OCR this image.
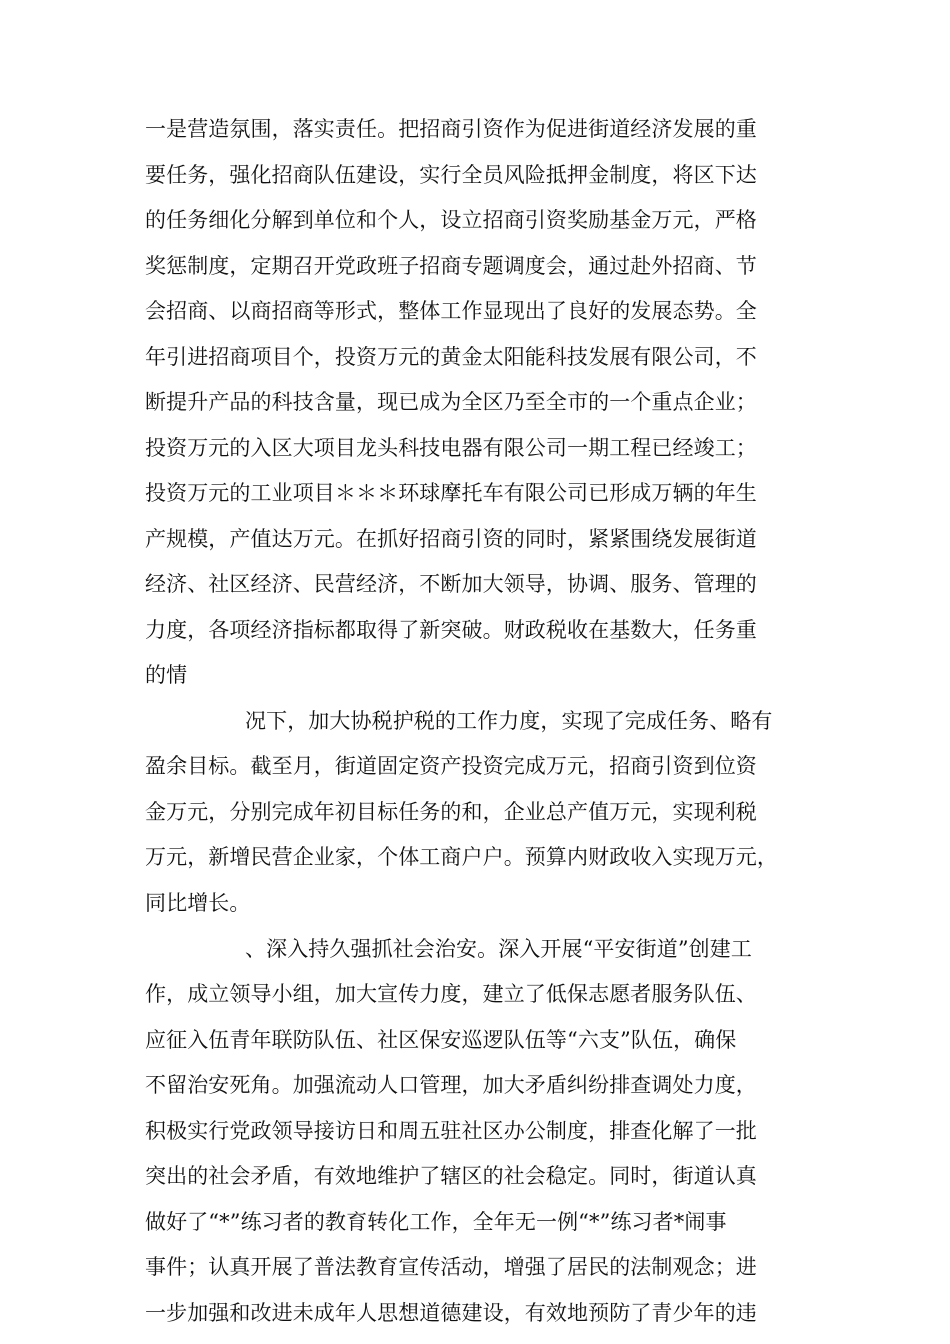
一是营造氛围，落实责任。把招商引资作为促进街道经济发展的重
要任务，强化招商队伍建设，实行全员风险抵押金制度，将区下达
的任务细化分解到单位和个人，设立招商引资奖励基金万元，严格
奖惩制度，定期召开党政班子招商专题调度会，通过赴外招商、节
会招商、以商招商等形式，整体工作显现出了良好的发展态势。全
年引进招商项目个，投资万元的黄金太阳能科技发展有限公司，不
断提升产品的科技含量，现已成为全区乃至全市的一个重点企业；
投资万元的入区大项目龙头科技电器有限公司一期工程已经竣工；
投资万元的工业项目＊＊＊环球摩托车有限公司已形成万辆的年生
产规模，产值达万元。在抓好招商引资的同时，紧紧围绕发展街道
经济、社区经济、民营经济，不断加大领导，协调、服务、管理的
力度，各项经济指标都取得了新突破。财政税收在基数大，任务重
的情
况下，加大协税护税的工作力度，实现了完成任务、略有
盈余目标。截至月，街道固定资产投资完成万元，招商引资到位资
金万元，分别完成年初目标任务的和，企业总产值万元，实现利税
万元，新增民营企业家，个体工商户户。预算内财政收入实现万元，
同比增长。
、深入持久强抓社会治安。深入开展“平安街道”创建工
作，成立领导小组，加大宣传力度，建立了低保志愿者服务队伍、
应征入伍青年联防队伍、社区保安巡逻队伍等“六支”队伍，确保
不留治安死角。加强流动人口管理，加大矛盾纠纷排查调处力度，
积极实行党政领导接访日和周五驻社区办公制度，排查化解了一批
突出的社会矛盾，有效地维护了辖区的社会稳定。同时，街道认真
做好了“*”练习者的教育转化工作，全年无一例“*”练习者*闹事
事件；认真开展了普法教育宣传活动，增强了居民的法制观念；进
一步加强和改进未成年人思想道德建设，有效地预防了青少年的违
